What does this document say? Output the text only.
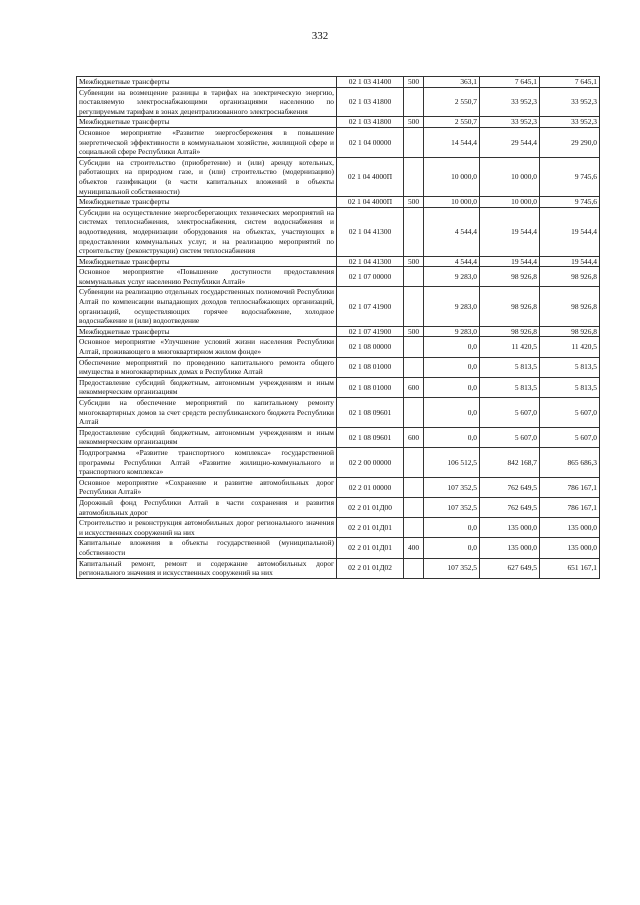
332
Межбюджетные трансферты	02 1 03 41400	500	363,1	7 645,1	7 645,1
Субвенции на возмещение разницы в тарифах на электрическую энергию, поставляемую электроснабжающими организациями населению по регулируемым тарифам в зонах децентрализованного электроснабжения	02 1 03 41800		2 550,7	33 952,3	33 952,3
Межбюджетные трансферты	02 1 03 41800	500	2 550,7	33 952,3	33 952,3
Основное мероприятие «Развитие энергосбережения в повышение энергетической эффективности в коммунальном хозяйстве, жилищной сфере и социальной сфере Республики Алтай»	02 1 04 00000		14 544,4	29 544,4	29 290,0
Субсидии на строительство (приобретение) и (или) аренду котельных, работающих на природном газе, и (или) строительство (модернизацию) объектов газификации (в части капитальных вложений в объекты муниципальной собственности)	02 1 04 4000П		10 000,0	10 000,0	9 745,6
Межбюджетные трансферты	02 1 04 4000П	500	10 000,0	10 000,0	9 745,6
Субсидии на осуществление энергосберегающих технических мероприятий на системах теплоснабжения, электроснабжения, систем водоснабжения и водоотведения, модернизации оборудования на объектах, участвующих в предоставлении коммунальных услуг, и на реализацию мероприятий по строительству (реконструкции) систем теплоснабжения	02 1 04 41300		4 544,4	19 544,4	19 544,4
Межбюджетные трансферты	02 1 04 41300	500	4 544,4	19 544,4	19 544,4
Основное мероприятие «Повышение доступности предоставления коммунальных услуг населению Республики Алтай»	02 1 07 00000		9 283,0	98 926,8	98 926,8
Субвенции на реализацию отдельных государственных полномочий Республики Алтай по компенсации выпадающих доходов теплоснабжающих организаций, организаций, осуществляющих горячее водоснабжение, холодное водоснабжение и (или) водоотведение	02 1 07 41900		9 283,0	98 926,8	98 926,8
Межбюджетные трансферты	02 1 07 41900	500	9 283,0	98 926,8	98 926,8
Основное мероприятие «Улучшение условий жизни населения Республики Алтай, проживающего в многоквартирном жилом фонде»	02 1 08 00000		0,0	11 420,5	11 420,5
Обеспечение мероприятий по проведению капитального ремонта общего имущества в многоквартирных домах в Республике Алтай	02 1 08 01000		0,0	5 813,5	5 813,5
Предоставление субсидий бюджетным, автономным учреждениям и иным некоммерческим организациям	02 1 08 01000	600	0,0	5 813,5	5 813,5
Субсидии на обеспечение мероприятий по капитальному ремонту многоквартирных домов за счет средств республиканского бюджета Республики Алтай	02 1 08 09601		0,0	5 607,0	5 607,0
Предоставление субсидий бюджетным, автономным учреждениям и иным некоммерческим организациям	02 1 08 09601	600	0,0	5 607,0	5 607,0
Подпрограмма «Развитие транспортного комплекса» государственной программы Республики Алтай «Развитие жилищно-коммунального и транспортного комплекса»	02 2 00 00000		106 512,5	842 168,7	865 686,3
Основное мероприятие «Сохранение и развитие автомобильных дорог Республики Алтай»	02 2 01 00000		107 352,5	762 649,5	786 167,1
Дорожный фонд Республики Алтай в части сохранения и развития автомобильных дорог	02 2 01 01Д00		107 352,5	762 649,5	786 167,1
Строительство и реконструкция автомобильных дорог регионального значения и искусственных сооружений на них	02 2 01 01Д01		0,0	135 000,0	135 000,0
Капитальные вложения в объекты государственной (муниципальной) собственности	02 2 01 01Д01	400	0,0	135 000,0	135 000,0
Капитальный ремонт, ремонт и содержание автомобильных дорог регионального значения и искусственных сооружений на них	02 2 01 01Д02		107 352,5	627 649,5	651 167,1
